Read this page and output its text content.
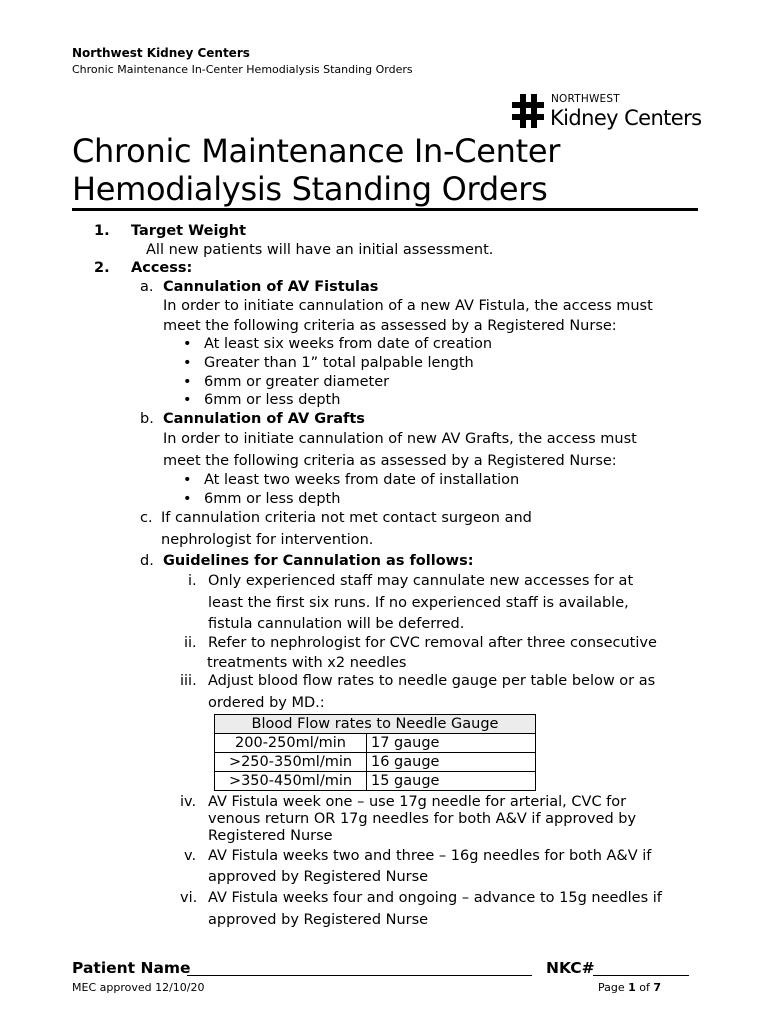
Northwest Kidney Centers
Chronic Maintenance In-Center Hemodialysis Standing Orders
NORTHWEST
Kidney Centers
Chronic Maintenance In-Center
Hemodialysis Standing Orders
1. Target Weight
All new patients will have an initial assessment.
2. Access:
a. Cannulation of AV Fistulas
In order to initiate cannulation of a new AV Fistula, the access must
meet the following criteria as assessed by a Registered Nurse:
• At least six weeks from date of creation
• Greater than 1” total palpable length
• 6mm or greater diameter
• 6mm or less depth
b. Cannulation of AV Grafts
In order to initiate cannulation of new AV Grafts, the access must
meet the following criteria as assessed by a Registered Nurse:
• At least two weeks from date of installation
• 6mm or less depth
c. If cannulation criteria not met contact surgeon and
nephrologist for intervention.
d. Guidelines for Cannulation as follows:
i. Only experienced staff may cannulate new accesses for at
least the first six runs. If no experienced staff is available,
fistula cannulation will be deferred.
ii. Refer to nephrologist for CVC removal after three consecutive
treatments with x2 needles
iii. Adjust blood flow rates to needle gauge per table below or as
ordered by MD.:
Blood Flow rates to Needle Gauge	
200-250ml/min	17 gauge
>250-350ml/min	16 gauge
>350-450ml/min	15 gauge
iv. AV Fistula week one – use 17g needle for arterial, CVC for
venous return OR 17g needles for both A&V if approved by
Registered Nurse
v. AV Fistula weeks two and three – 16g needles for both A&V if
approved by Registered Nurse
vi. AV Fistula weeks four and ongoing – advance to 15g needles if
approved by Registered Nurse
Patient Name	NKC#
MEC approved 12/10/20	Page 1 of 7
